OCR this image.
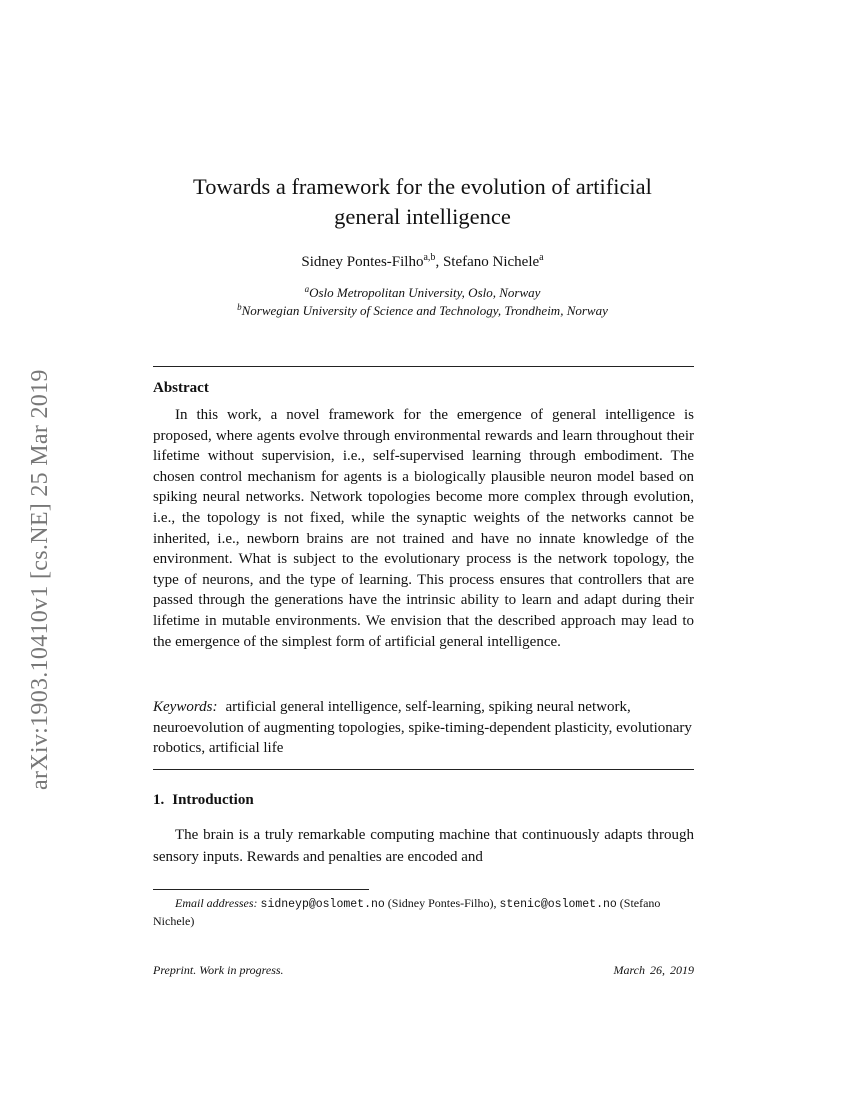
arXiv:1903.10410v1 [cs.NE] 25 Mar 2019
Towards a framework for the evolution of artificial
general intelligence
Sidney Pontes-Filho$^{a,b}$, Stefano Nichele$^a$
$^a$Oslo Metropolitan University, Oslo, Norway
$^b$Norwegian University of Science and Technology, Trondheim, Norway
Abstract

In this work, a novel framework for the emergence of general intelligence is proposed, where agents evolve through environmental rewards and learn throughout their lifetime without supervision, i.e., self-supervised learning through embodiment. The chosen control mechanism for agents is a biologically plausible neuron model based on spiking neural networks. Network topologies become more complex through evolution, i.e., the topology is not fixed, while the synaptic weights of the networks cannot be inherited, i.e., newborn brains are not trained and have no innate knowledge of the environment. What is subject to the evolutionary process is the network topology, the type of neurons, and the type of learning. This process ensures that controllers that are passed through the generations have the intrinsic ability to learn and adapt during their lifetime in mutable environments. We envision that the described approach may lead to the emergence of the simplest form of artificial general intelligence.

Keywords: artificial general intelligence, self-learning, spiking neural network, neuroevolution of augmenting topologies, spike-timing-dependent plasticity, evolutionary robotics, artificial life

1. Introduction

The brain is a truly remarkable computing machine that continuously adapts through sensory inputs. Rewards and penalties are encoded and

Email addresses: sidneyp@oslomet.no (Sidney Pontes-Filho), stenic@oslomet.no (Stefano Nichele)

Preprint. Work in progress.	March 26, 2019
